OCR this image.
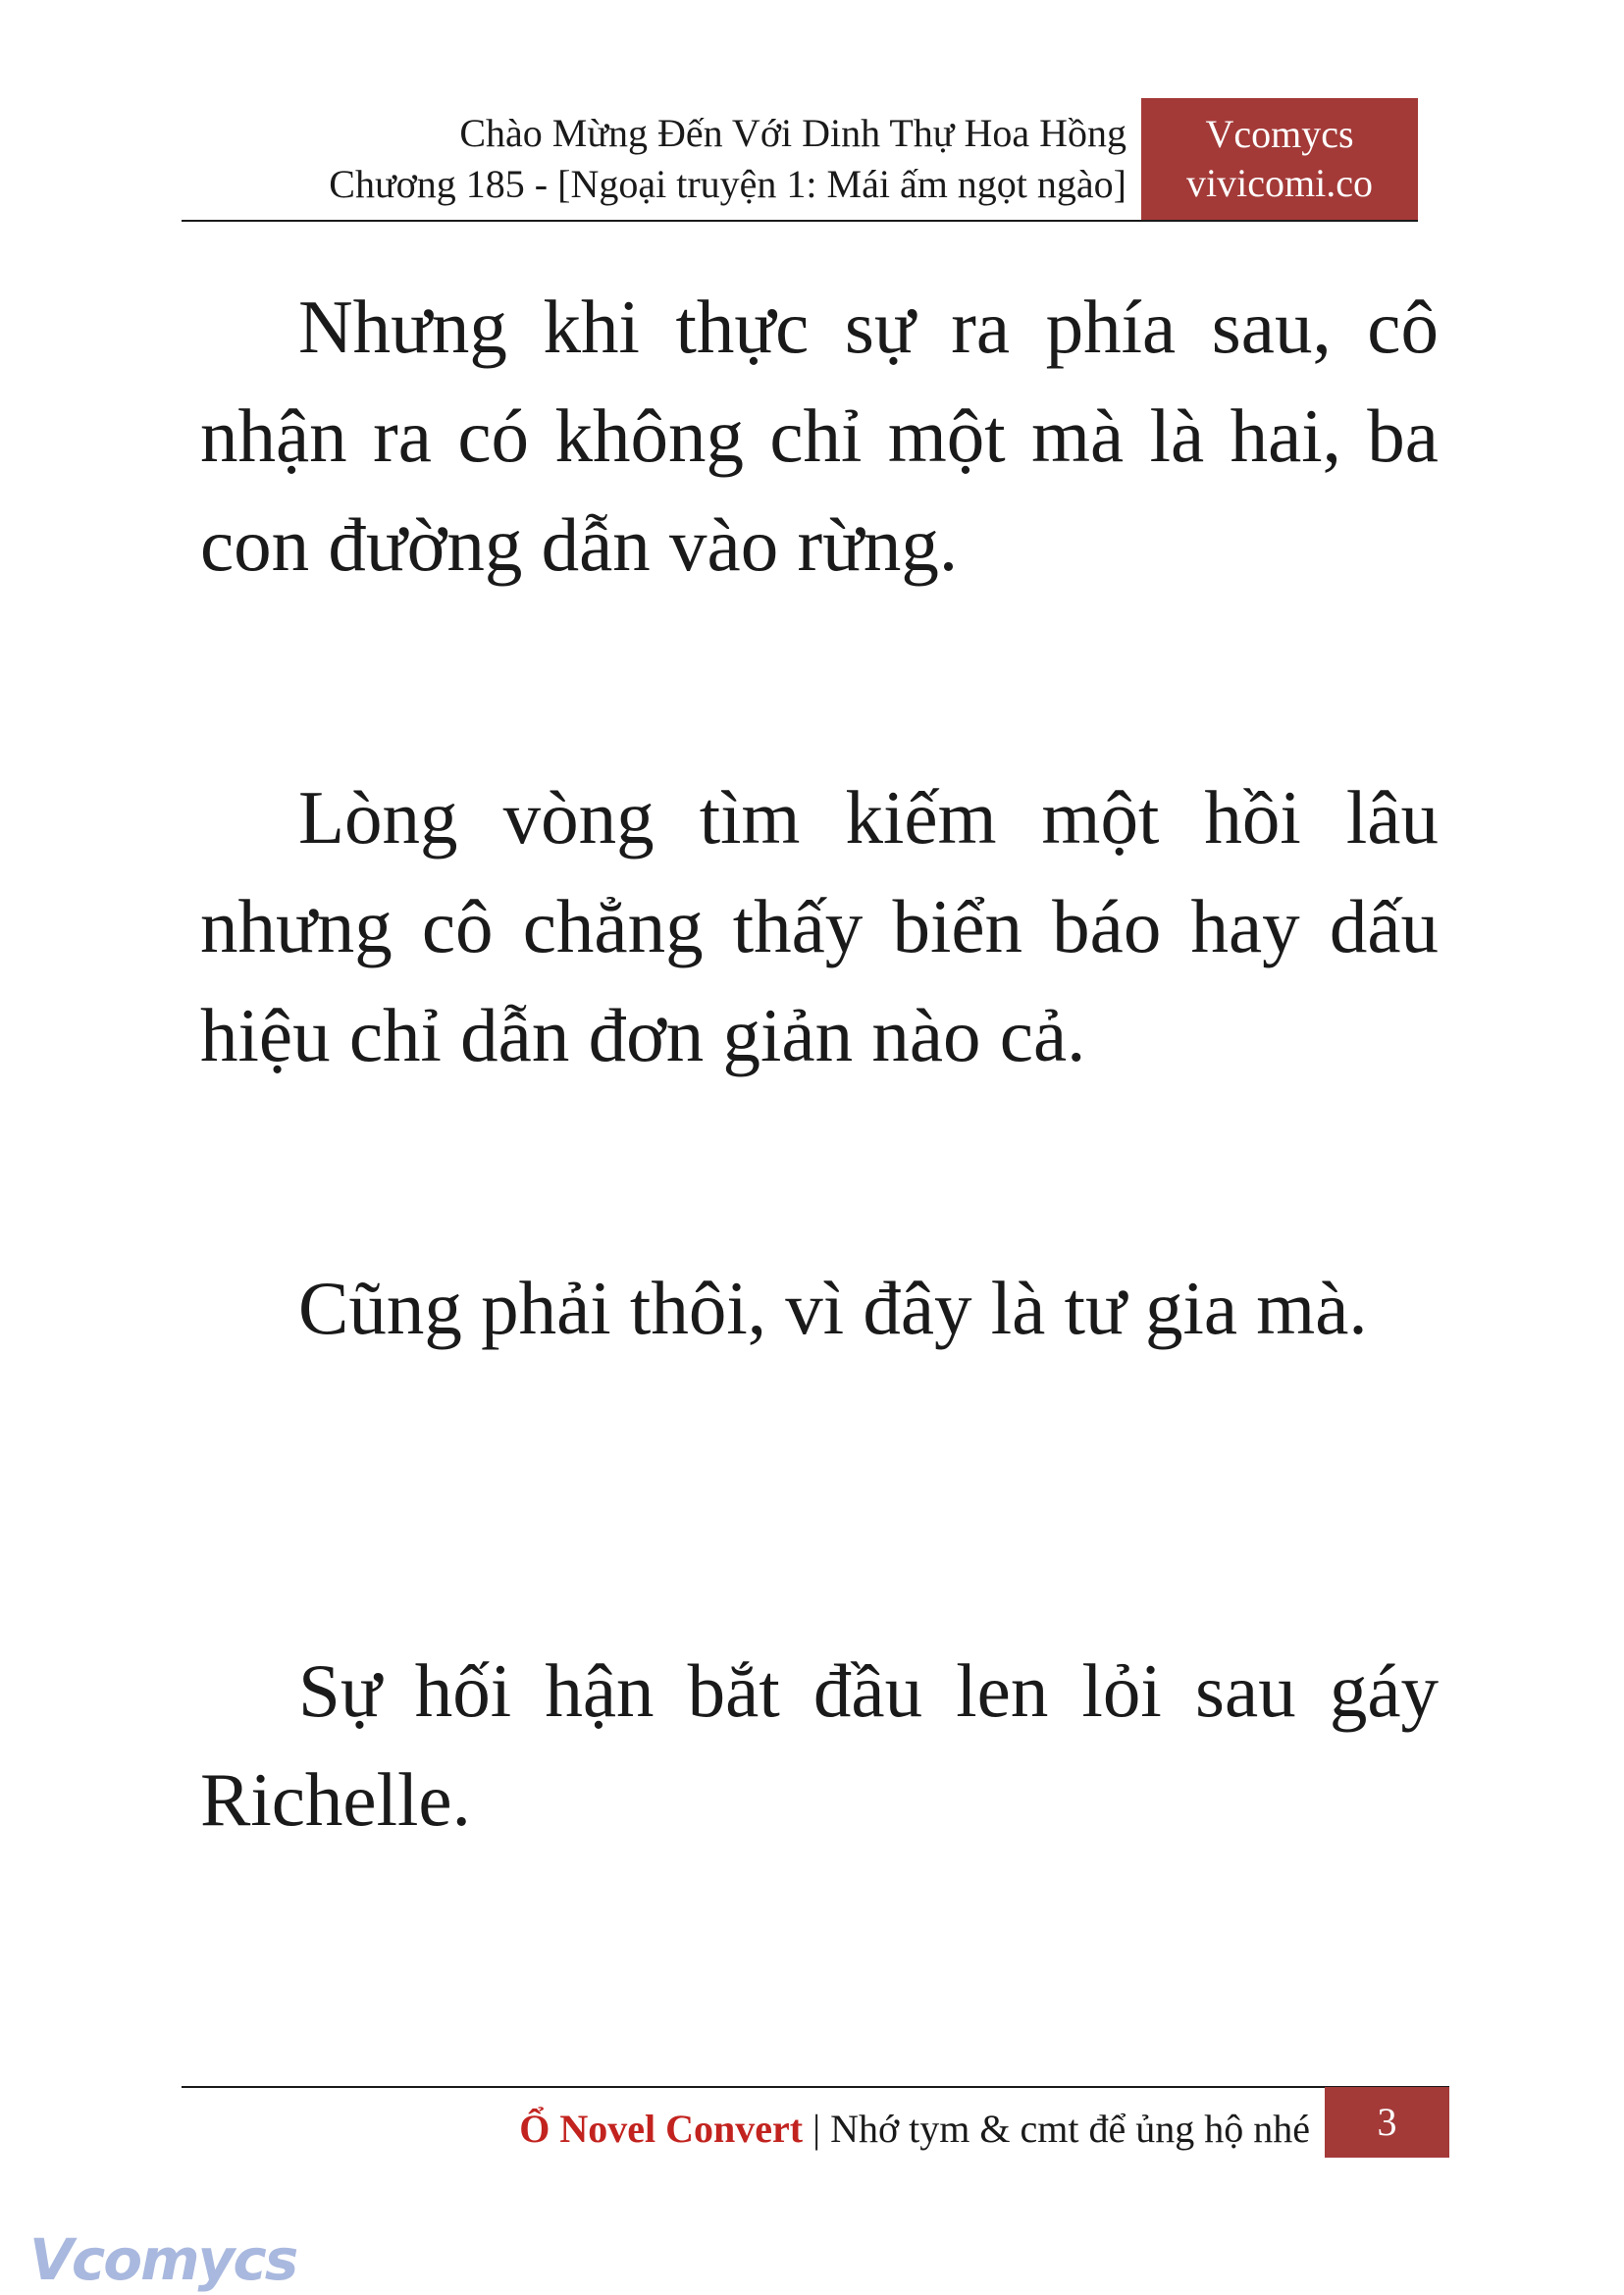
Chào Mừng Đến Với Dinh Thự Hoa Hồng
Chương 185 - [Ngoại truyện 1: Mái ấm ngọt ngào]
Vcomycs
vivicomi.co

Nhưng khi thực sự ra phía sau, cô nhận ra có không chỉ một mà là hai, ba con đường dẫn vào rừng.

Lòng vòng tìm kiếm một hồi lâu nhưng cô chẳng thấy biển báo hay dấu hiệu chỉ dẫn đơn giản nào cả.

Cũng phải thôi, vì đây là tư gia mà.

Sự hối hận bắt đầu len lỏi sau gáy Richelle.

Ổ Novel Convert | Nhớ tym & cmt để ủng hộ nhé	3
Vcomycs
